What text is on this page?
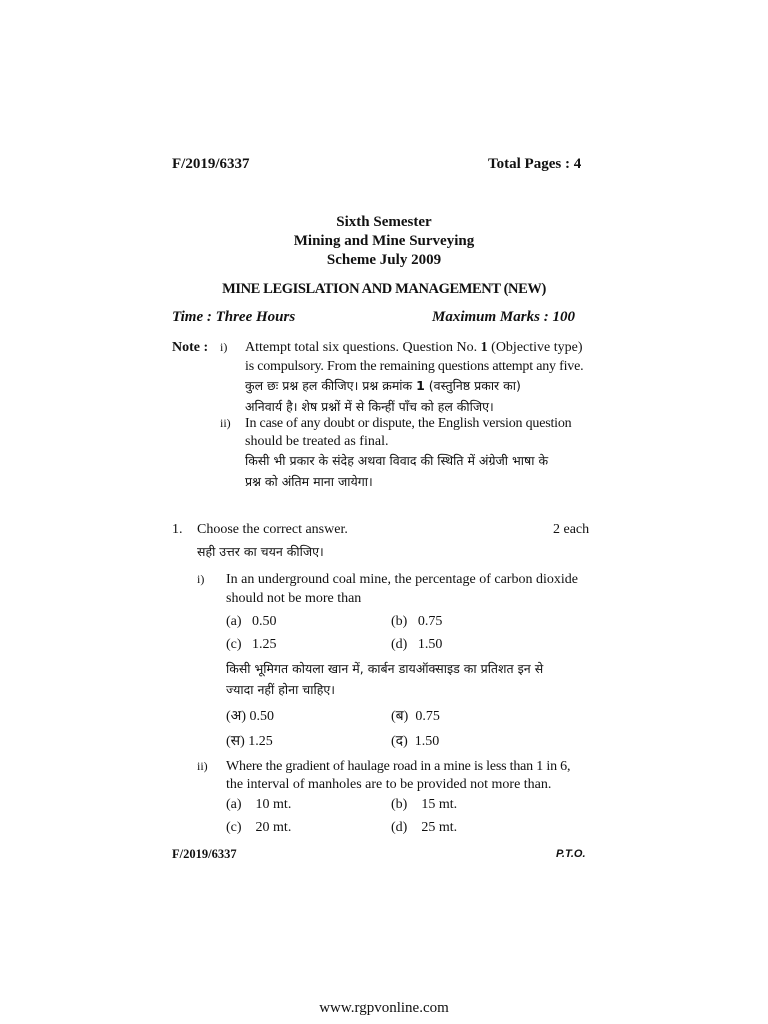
F/2019/6337	Total Pages : 4
Sixth Semester
Mining and Mine Surveying
Scheme July 2009
MINE LEGISLATION AND MANAGEMENT (NEW)
Time : Three Hours	Maximum Marks : 100
Note : i) Attempt total six questions. Question No. 1 (Objective type)
is compulsory. From the remaining questions attempt any five.
कुल छः प्रश्न हल कीजिए। प्रश्न क्रमांक 1 (वस्तुनिष्ठ प्रकार का)
अनिवार्य है। शेष प्रश्नों में से किन्हीं पाँच को हल कीजिए।
ii) In case of any doubt or dispute, the English version question
should be treated as final.
किसी भी प्रकार के संदेह अथवा विवाद की स्थिति में अंग्रेजी भाषा के
प्रश्न को अंतिम माना जायेगा।
1. Choose the correct answer.	2 each
सही उत्तर का चयन कीजिए।
i) In an underground coal mine, the percentage of carbon dioxide
should not be more than
(a)   0.50	(b)   0.75
(c)   1.25	(d)   1.50
किसी भूमिगत कोयला खान में, कार्बन डायऑक्साइड का प्रतिशत इन से
ज्यादा नहीं होना चाहिए।
(अ) 0.50	(ब)  0.75
(स) 1.25	(द)  1.50
ii) Where the gradient of haulage road in a mine is less than 1 in 6,
the interval of manholes are to be provided not more than.
(a)    10 mt.	(b)    15 mt.
(c)    20 mt.	(d)    25 mt.
F/2019/6337	P.T.O.
www.rgpvonline.com
